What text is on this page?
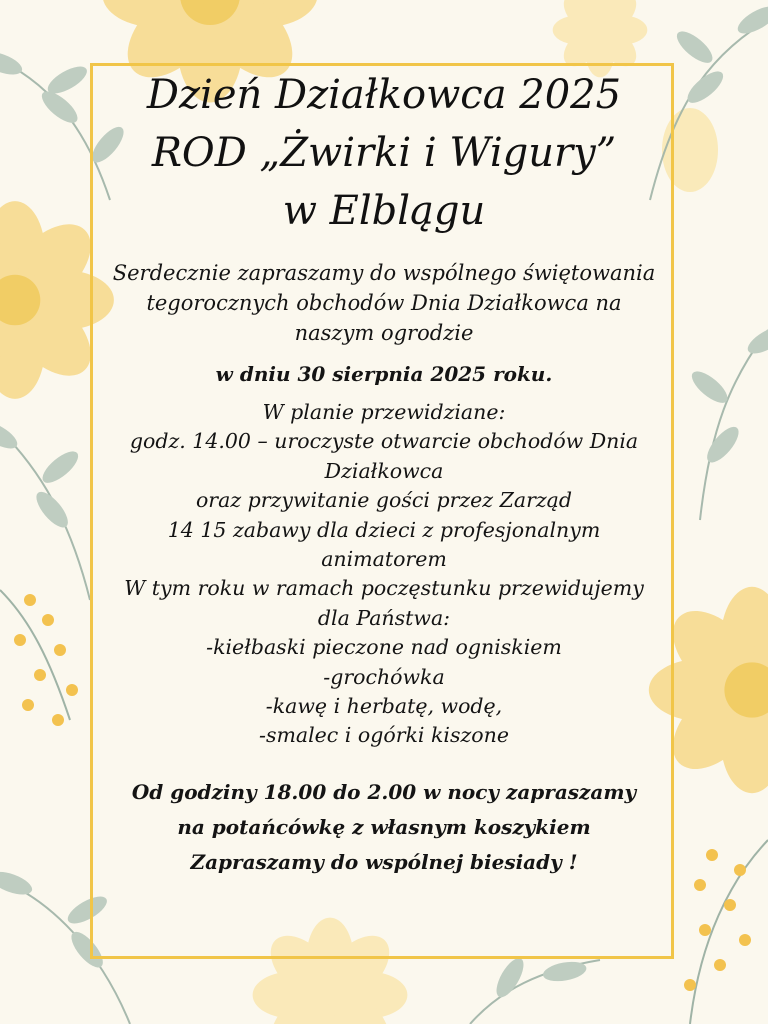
Dzień Działkowca 2025
ROD „Żwirki i Wigury”
w Elblągu
Serdecznie zapraszamy do wspólnego świętowania
tegorocznych obchodów Dnia Działkowca na
naszym ogrodzie
w dniu 30 sierpnia 2025 roku.
W planie przewidziane:
godz. 14.00 – uroczyste otwarcie obchodów Dnia
Działkowca
oraz przywitanie gości przez Zarząd
14 15 zabawy dla dzieci z profesjonalnym
animatorem
W tym roku w ramach poczęstunku przewidujemy
dla Państwa:
-kiełbaski pieczone nad ogniskiem
-grochówka
-kawę i herbatę, wodę,
-smalec i ogórki kiszone
Od godziny 18.00 do 2.00 w nocy zapraszamy
na potańcówkę z własnym koszykiem
Zapraszamy do wspólnej biesiady !
